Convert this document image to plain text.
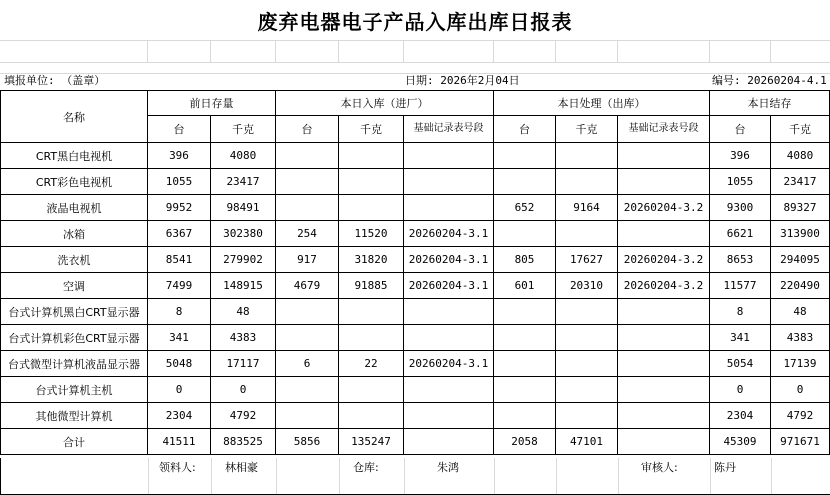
废弃电器电子产品入库出库日报表
填报单位: （盖章）	日期: 2026年2月04日	编号: 20260204-4.1
名称	前日存量		本日入库（进厂）			本日处理（出库）			本日结存	
	台	千克	台	千克	基础记录表号段	台	千克	基础记录表号段	台	千克
CRT黑白电视机	396	4080							396	4080
CRT彩色电视机	1055	23417							1055	23417
液晶电视机	9952	98491				652	9164	20260204-3.2	9300	89327
冰箱	6367	302380	254	11520	20260204-3.1				6621	313900
洗衣机	8541	279902	917	31820	20260204-3.1	805	17627	20260204-3.2	8653	294095
空调	7499	148915	4679	91885	20260204-3.1	601	20310	20260204-3.2	11577	220490
台式计算机黑白CRT显示器	8	48							8	48
台式计算机彩色CRT显示器	341	4383							341	4383
台式微型计算机液晶显示器	5048	17117	6	22	20260204-3.1				5054	17139
台式计算机主机	0	0							0	0
其他微型计算机	2304	4792							2304	4792
合计	41511	883525	5856	135247		2058	47101		45309	971671
领料人:	林相豪	仓库:	朱鸿	审核人:	陈丹
